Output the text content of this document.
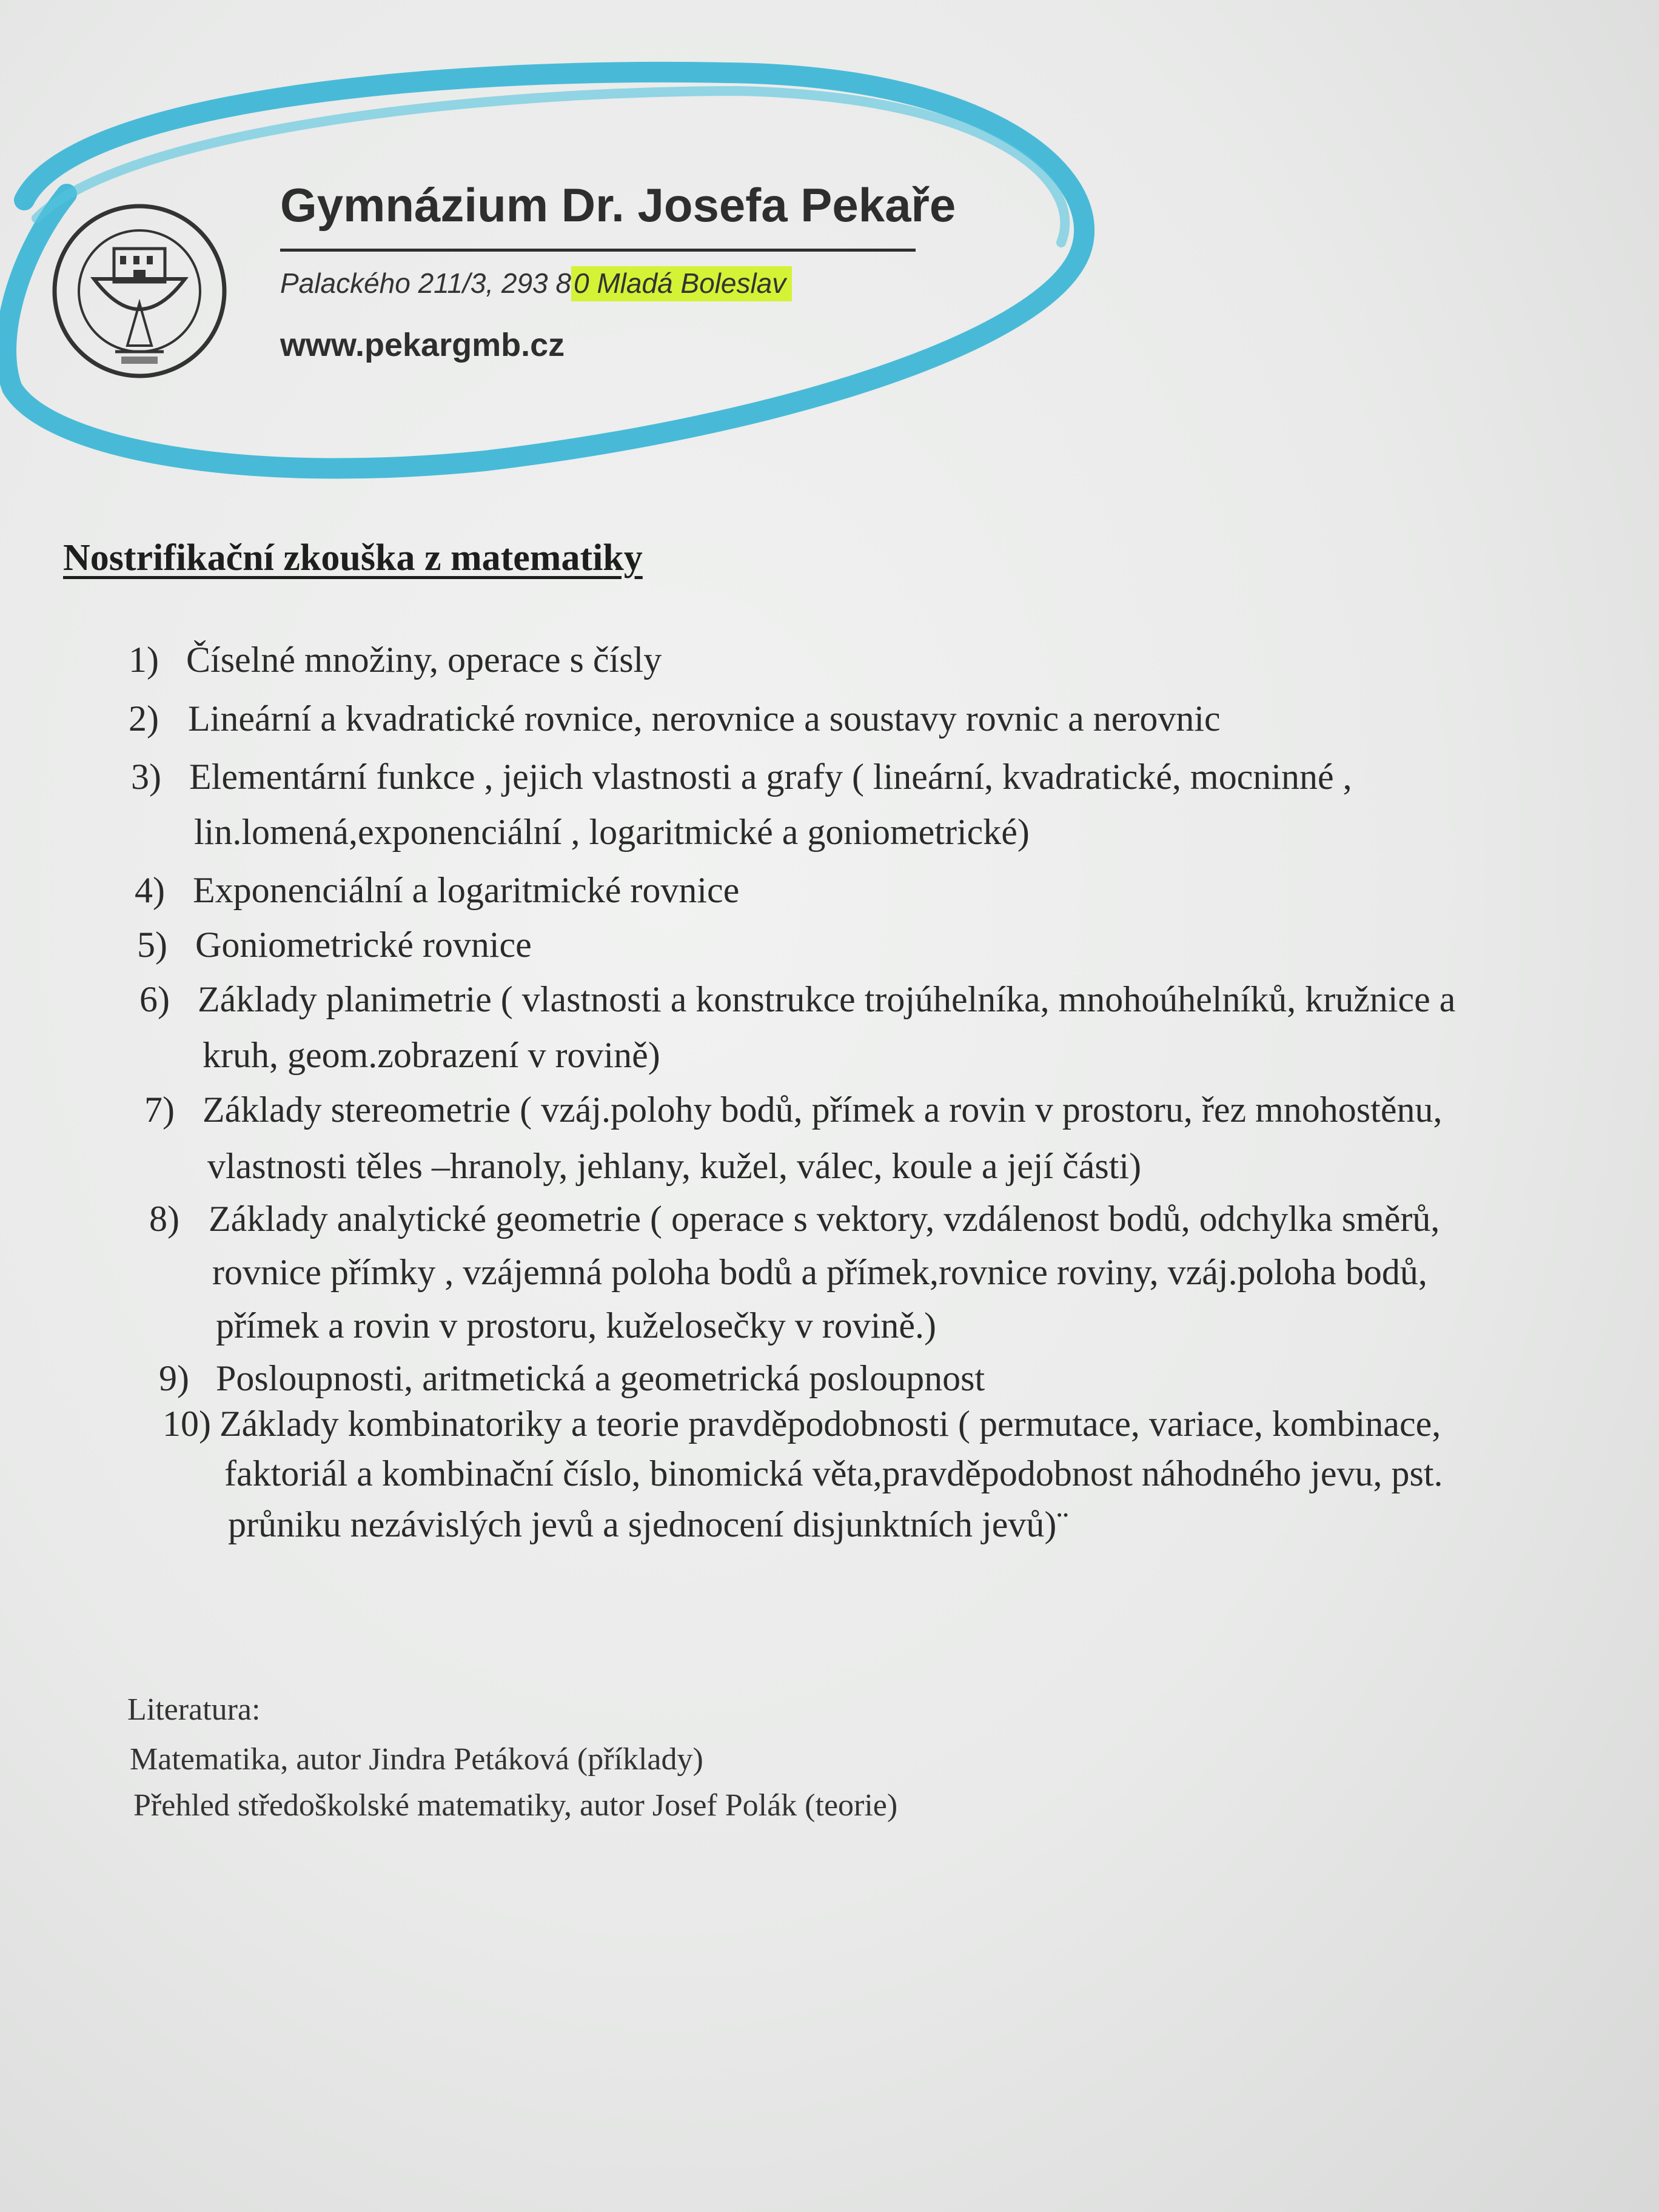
Gymnázium Dr. Josefa Pekaře
Palackého 211/3, 293 80 Mladá Boleslav
www.pekargmb.cz
Nostrifikační zkouška z matematiky
1) Číselné množiny, operace s čísly
2) Lineární a kvadratické rovnice, nerovnice a soustavy rovnic a nerovnic
3) Elementární funkce , jejich vlastnosti a grafy ( lineární, kvadratické, mocninné ,
lin.lomená,exponenciální , logaritmické a goniometrické)
4) Exponenciální a logaritmické rovnice
5) Goniometrické rovnice
6) Základy planimetrie ( vlastnosti a konstrukce trojúhelníka, mnohoúhelníků, kružnice a
kruh, geom.zobrazení v rovině)
7) Základy stereometrie ( vzáj.polohy bodů, přímek a rovin v prostoru, řez mnohostěnu,
vlastnosti těles –hranoly, jehlany, kužel, válec, koule a její části)
8) Základy analytické geometrie ( operace s vektory, vzdálenost bodů, odchylka směrů,
rovnice přímky , vzájemná poloha bodů a přímek,rovnice roviny, vzáj.poloha bodů,
přímek a rovin v prostoru, kuželosečky v rovině.)
9) Posloupnosti, aritmetická a geometrická posloupnost
10) Základy kombinatoriky a teorie pravděpodobnosti ( permutace, variace, kombinace,
faktoriál a kombinační číslo, binomická věta,pravděpodobnost náhodného jevu, pst.
průniku nezávislých jevů a sjednocení disjunktních jevů)¨
Literatura:
Matematika, autor Jindra Petáková (příklady)
Přehled středoškolské matematiky, autor Josef Polák (teorie)
